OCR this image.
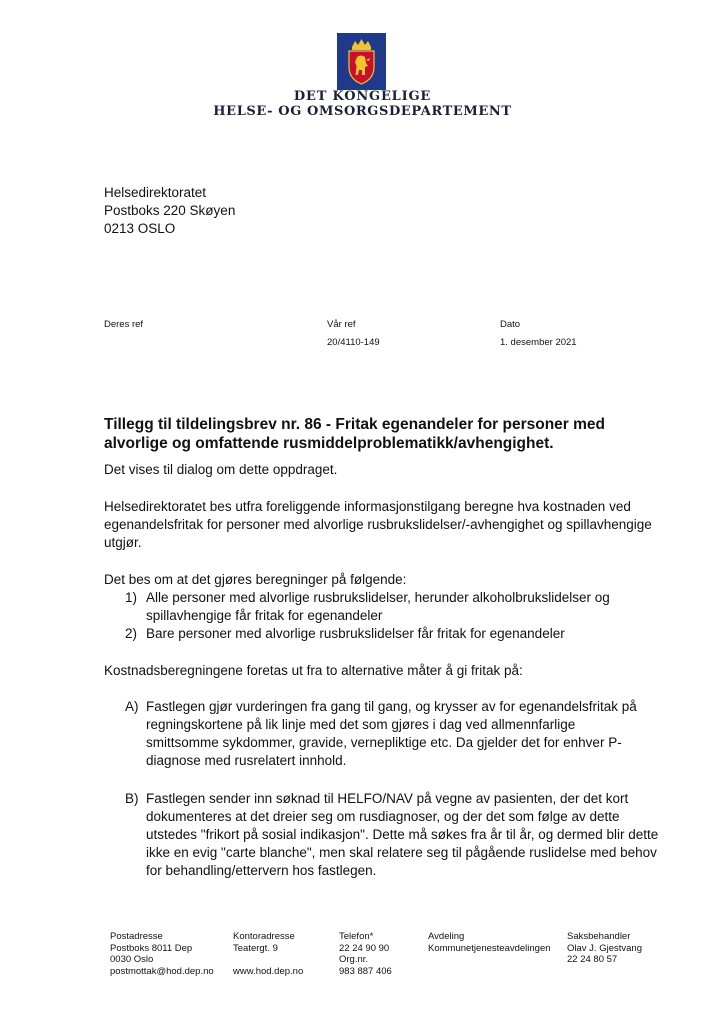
DET KONGELIGE
HELSE- OG OMSORGSDEPARTEMENT
Helsedirektoratet
Postboks 220 Skøyen
0213 OSLO
Deres ref	Vår ref
20/4110-149
Dato
1. desember 2021
Tillegg til tildelingsbrev nr. 86 - Fritak egenandeler for personer med alvorlige og omfattende rusmiddelproblematikk/avhengighet.
Det vises til dialog om dette oppdraget.
Helsedirektoratet bes utfra foreliggende informasjonstilgang beregne hva kostnaden ved egenandelsfritak for personer med alvorlige rusbrukslidelser/-avhengighet og spillavhengige utgjør.
Det bes om at det gjøres beregninger på følgende:
1) Alle personer med alvorlige rusbrukslidelser, herunder alkoholbrukslidelser og spillavhengige får fritak for egenandeler
2) Bare personer med alvorlige rusbrukslidelser får fritak for egenandeler
Kostnadsberegningene foretas ut fra to alternative måter å gi fritak på:
A) Fastlegen gjør vurderingen fra gang til gang, og krysser av for egenandelsfritak på regningskortene på lik linje med det som gjøres i dag ved allmennfarlige smittsomme sykdommer, gravide, vernepliktige etc. Da gjelder det for enhver P-diagnose med rusrelatert innhold.
B) Fastlegen sender inn søknad til HELFO/NAV på vegne av pasienten, der det kort dokumenteres at det dreier seg om rusdiagnoser, og der det som følge av dette utstedes "frikort på sosial indikasjon". Dette må søkes fra år til år, og dermed blir dette ikke en evig "carte blanche", men skal relatere seg til pågående ruslidelse med behov for behandling/ettervern hos fastlegen.
Postadresse
Postboks 8011 Dep
0030 Oslo
postmottak@hod.dep.no
Kontoradresse
Teatergt. 9

www.hod.dep.no
Telefon*
22 24 90 90
Org.nr.
983 887 406
Avdeling
Kommunetjenesteavdelingen
Saksbehandler
Olav J. Gjestvang
22 24 80 57
